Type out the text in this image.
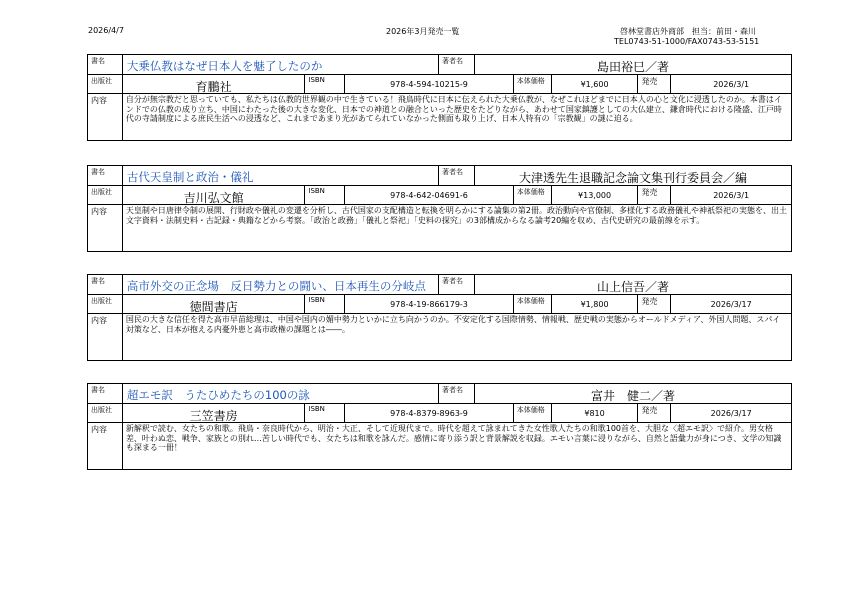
2026/4/7	2026年3月発売一覧	啓林堂書店外商部　担当：前田・森川
TEL0743-51-1000/FAX0743-53-5151
書名	大乗仏教はなぜ日本人を魅了したのか	著者名	島田裕巳／著
出版社	育鵬社	ISBN	978-4-594-10215-9	本体価格	¥1,600	発売	2026/3/1
内容	自分が無宗教だと思っていても、私たちは仏教的世界観の中で生きている！飛鳥時代に日本に伝えられた大乗仏教が、なぜこれほどまでに日本人の心と文化に浸透したのか。本書はインドでの仏教の成り立ち、中国にわたった後の大きな変化、日本での神道との融合といった歴史をたどりながら、あわせて国家鎮護としての大仏建立、鎌倉時代における隆盛、江戸時代の寺請制度による庶民生活への浸透など、これまであまり光があてられていなかった側面も取り上げ、日本人特有の「宗教観」の謎に迫る。
書名	古代天皇制と政治・儀礼	著者名	大津透先生退職記念論文集刊行委員会／編
出版社	吉川弘文館	ISBN	978-4-642-04691-6	本体価格	¥13,000	発売	2026/3/1
内容	天皇制や日唐律令制の展開、行財政や儀礼の変遷を分析し、古代国家の支配構造と転換を明らかにする論集の第2冊。政治動向や官僚制、多様化する政務儀礼や神祇祭祀の実態を、出土文字資料・法制史料・古記録・典籍などから考察。「政治と政務」「儀礼と祭祀」「史料の探究」の3部構成からなる論考20編を収め、古代史研究の最前線を示す。
書名	高市外交の正念場　反日勢力との闘い、日本再生の分岐点	著者名	山上信吾／著
出版社	徳間書店	ISBN	978-4-19-866179-3	本体価格	¥1,800	発売	2026/3/17
内容	国民の大きな信任を得た高市早苗総理は、中国や国内の媚中勢力といかに立ち向かうのか。不安定化する国際情勢、情報戦、歴史戦の実態からオールドメディア、外国人問題、スパイ対策など、日本が抱える内憂外患と高市政権の課題とは――。
書名	超エモ訳　うたひめたちの100の詠	著者名	富井　健二／著
出版社	三笠書房	ISBN	978-4-8379-8963-9	本体価格	¥810	発売	2026/3/17
内容	新解釈で読む、女たちの和歌。飛鳥・奈良時代から、明治・大正、そして近現代まで。時代を超えて詠まれてきた女性歌人たちの和歌100首を、大胆な〈超エモ訳〉で紹介。男女格差、叶わぬ恋、戦争、家族との別れ…苦しい時代でも、女たちは和歌を詠んだ。感情に寄り添う訳と背景解説を収録。エモい言葉に浸りながら、自然と語彙力が身につき、文学の知識も深まる一冊！
